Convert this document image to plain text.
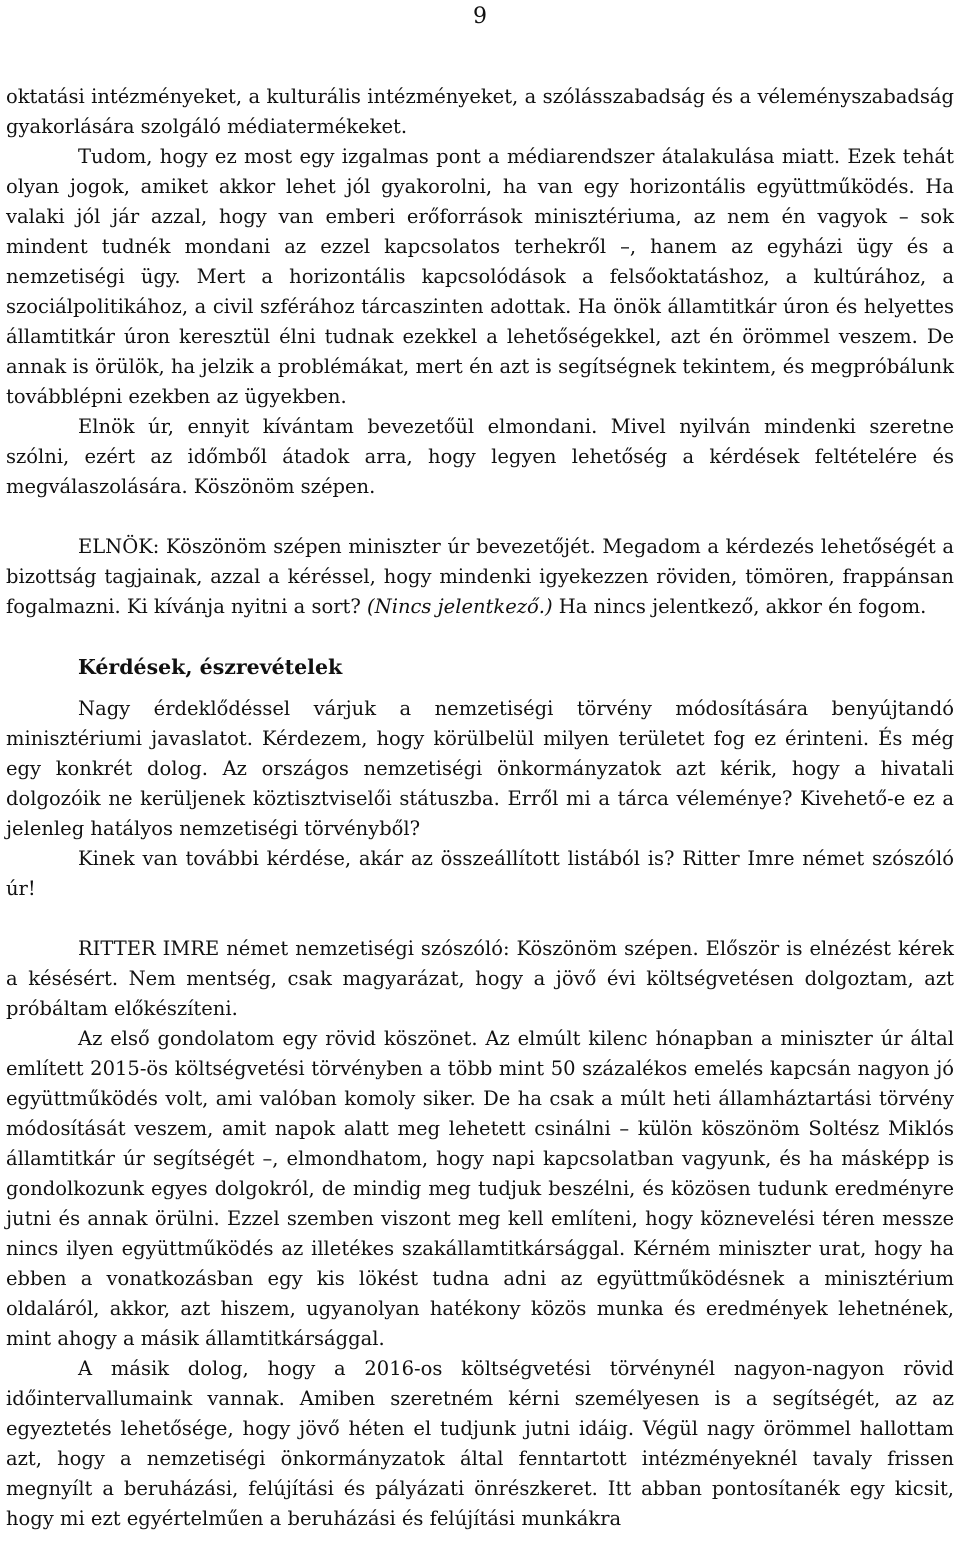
9

oktatási intézményeket, a kulturális intézményeket, a szólásszabadság és a véleményszabadság gyakorlására szolgáló médiatermékeket.

Tudom, hogy ez most egy izgalmas pont a médiarendszer átalakulása miatt. Ezek tehát olyan jogok, amiket akkor lehet jól gyakorolni, ha van egy horizontális együttműködés. Ha valaki jól jár azzal, hogy van emberi erőforrások minisztériuma, az nem én vagyok – sok mindent tudnék mondani az ezzel kapcsolatos terhekről –, hanem az egyházi ügy és a nemzetiségi ügy. Mert a horizontális kapcsolódások a felsőoktatáshoz, a kultúrához, a szociálpolitikához, a civil szférához tárcaszinten adottak. Ha önök államtitkár úron és helyettes államtitkár úron keresztül élni tudnak ezekkel a lehetőségekkel, azt én örömmel veszem. De annak is örülök, ha jelzik a problémákat, mert én azt is segítségnek tekintem, és megpróbálunk továbblépni ezekben az ügyekben.

Elnök úr, ennyit kívántam bevezetőül elmondani. Mivel nyilván mindenki szeretne szólni, ezért az időmből átadok arra, hogy legyen lehetőség a kérdések feltételére és megválaszolására. Köszönöm szépen.

ELNÖK: Köszönöm szépen miniszter úr bevezetőjét. Megadom a kérdezés lehetőségét a bizottság tagjainak, azzal a kéréssel, hogy mindenki igyekezzen röviden, tömören, frappánsan fogalmazni. Ki kívánja nyitni a sort? (Nincs jelentkező.) Ha nincs jelentkező, akkor én fogom.

Kérdések, észrevételek

Nagy érdeklődéssel várjuk a nemzetiségi törvény módosítására benyújtandó minisztériumi javaslatot. Kérdezem, hogy körülbelül milyen területet fog ez érinteni. És még egy konkrét dolog. Az országos nemzetiségi önkormányzatok azt kérik, hogy a hivatali dolgozóik ne kerüljenek köztisztviselői státuszba. Erről mi a tárca véleménye? Kivehető-e ez a jelenleg hatályos nemzetiségi törvényből?

Kinek van további kérdése, akár az összeállított listából is? Ritter Imre német szószóló úr!

RITTER IMRE német nemzetiségi szószóló: Köszönöm szépen. Először is elnézést kérek a késésért. Nem mentség, csak magyarázat, hogy a jövő évi költségvetésen dolgoztam, azt próbáltam előkészíteni.

Az első gondolatom egy rövid köszönet. Az elmúlt kilenc hónapban a miniszter úr által említett 2015-ös költségvetési törvényben a több mint 50 százalékos emelés kapcsán nagyon jó együttműködés volt, ami valóban komoly siker. De ha csak a múlt heti államháztartási törvény módosítását veszem, amit napok alatt meg lehetett csinálni – külön köszönöm Soltész Miklós államtitkár úr segítségét –, elmondhatom, hogy napi kapcsolatban vagyunk, és ha másképp is gondolkozunk egyes dolgokról, de mindig meg tudjuk beszélni, és közösen tudunk eredményre jutni és annak örülni. Ezzel szemben viszont meg kell említeni, hogy köznevelési téren messze nincs ilyen együttműködés az illetékes szakállamtitkársággal. Kérném miniszter urat, hogy ha ebben a vonatkozásban egy kis lökést tudna adni az együttműködésnek a minisztérium oldaláról, akkor, azt hiszem, ugyanolyan hatékony közös munka és eredmények lehetnének, mint ahogy a másik államtitkársággal.

A másik dolog, hogy a 2016-os költségvetési törvénynél nagyon-nagyon rövid időintervallumaink vannak. Amiben szeretném kérni személyesen is a segítségét, az az egyeztetés lehetősége, hogy jövő héten el tudjunk jutni idáig. Végül nagy örömmel hallottam azt, hogy a nemzetiségi önkormányzatok által fenntartott intézményeknél tavaly frissen megnyílt a beruházási, felújítási és pályázati önrészkeret. Itt abban pontosítanék egy kicsit, hogy mi ezt egyértelműen a beruházási és felújítási munkákra
